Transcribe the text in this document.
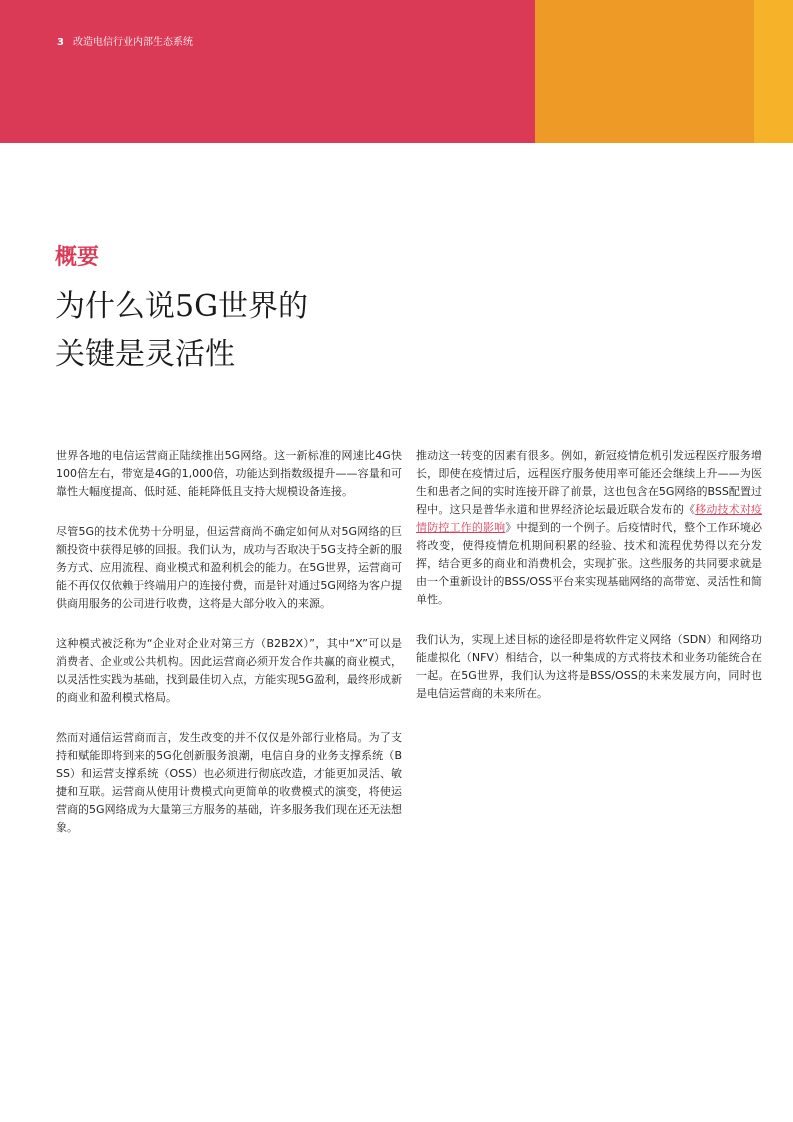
3 改造电信行业内部生态系统
概要
为什么说5G世界的
关键是灵活性

世界各地的电信运营商正陆续推出5G网络。这一新标准的网速比4G快100倍左右，带宽是4G的1,000倍，功能达到指数级提升——容量和可靠性大幅度提高、低时延、能耗降低且支持大规模设备连接。

尽管5G的技术优势十分明显，但运营商尚不确定如何从对5G网络的巨额投资中获得足够的回报。我们认为，成功与否取决于5G支持全新的服务方式、应用流程、商业模式和盈利机会的能力。在5G世界，运营商可能不再仅仅依赖于终端用户的连接付费，而是针对通过5G网络为客户提供商用服务的公司进行收费，这将是大部分收入的来源。

这种模式被泛称为“企业对企业对第三方（B2B2X）”，其中“X”可以是消费者、企业或公共机构。因此运营商必须开发合作共赢的商业模式，以灵活性实践为基础，找到最佳切入点，方能实现5G盈利，最终形成新的商业和盈利模式格局。

然而对通信运营商而言，发生改变的并不仅仅是外部行业格局。为了支持和赋能即将到来的5G化创新服务浪潮，电信自身的业务支撑系统（BSS）和运营支撑系统（OSS）也必须进行彻底改造，才能更加灵活、敏捷和互联。运营商从使用计费模式向更简单的收费模式的演变，将使运营商的5G网络成为大量第三方服务的基础，许多服务我们现在还无法想象。

推动这一转变的因素有很多。例如，新冠疫情危机引发远程医疗服务增长，即使在疫情过后，远程医疗服务使用率可能还会继续上升——为医生和患者之间的实时连接开辟了前景，这也包含在5G网络的BSS配置过程中。这只是普华永道和世界经济论坛最近联合发布的《移动技术对疫情防控工作的影响》中提到的一个例子。后疫情时代，整个工作环境必将改变，使得疫情危机期间积累的经验、技术和流程优势得以充分发挥，结合更多的商业和消费机会，实现扩张。这些服务的共同要求就是由一个重新设计的BSS/OSS平台来实现基础网络的高带宽、灵活性和简单性。

我们认为，实现上述目标的途径即是将软件定义网络（SDN）和网络功能虚拟化（NFV）相结合，以一种集成的方式将技术和业务功能统合在一起。在5G世界，我们认为这将是BSS/OSS的未来发展方向，同时也是电信运营商的未来所在。
